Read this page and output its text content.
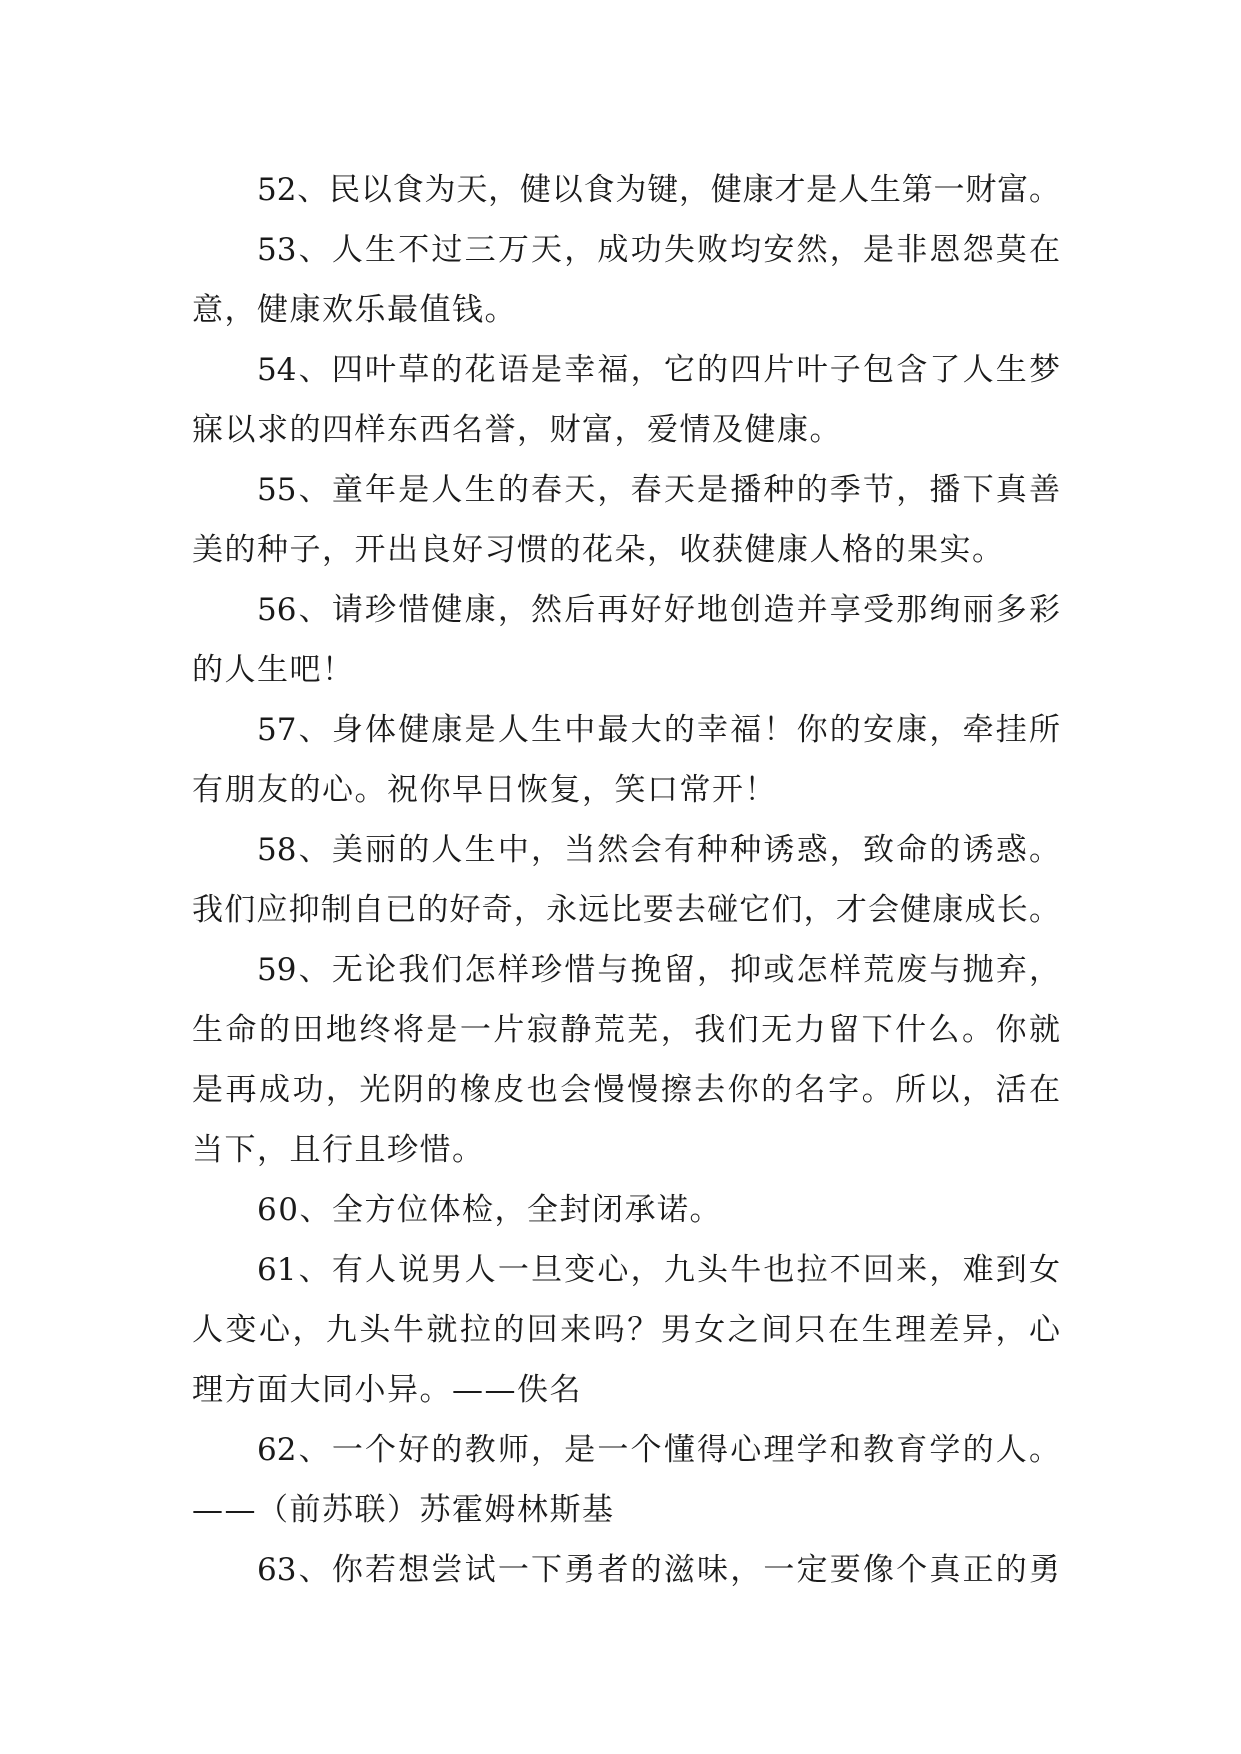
52、民以食为天，健以食为键，健康才是人生第一财富。
53、人生不过三万天，成功失败均安然，是非恩怨莫在
意，健康欢乐最值钱。
54、四叶草的花语是幸福，它的四片叶子包含了人生梦
寐以求的四样东西名誉，财富，爱情及健康。
55、童年是人生的春天，春天是播种的季节，播下真善
美的种子，开出良好习惯的花朵，收获健康人格的果实。
56、请珍惜健康，然后再好好地创造并享受那绚丽多彩
的人生吧！
57、身体健康是人生中最大的幸福！你的安康，牵挂所
有朋友的心。祝你早日恢复，笑口常开！
58、美丽的人生中，当然会有种种诱惑，致命的诱惑。
我们应抑制自已的好奇，永远比要去碰它们，才会健康成长。
59、无论我们怎样珍惜与挽留，抑或怎样荒废与抛弃，
生命的田地终将是一片寂静荒芜，我们无力留下什么。你就
是再成功，光阴的橡皮也会慢慢擦去你的名字。所以，活在
当下，且行且珍惜。
60、全方位体检，全封闭承诺。
61、有人说男人一旦变心，九头牛也拉不回来，难到女
人变心，九头牛就拉的回来吗？男女之间只在生理差异，心
理方面大同小异。——佚名
62、一个好的教师，是一个懂得心理学和教育学的人。
——（前苏联）苏霍姆林斯基
63、你若想尝试一下勇者的滋味，一定要像个真正的勇
